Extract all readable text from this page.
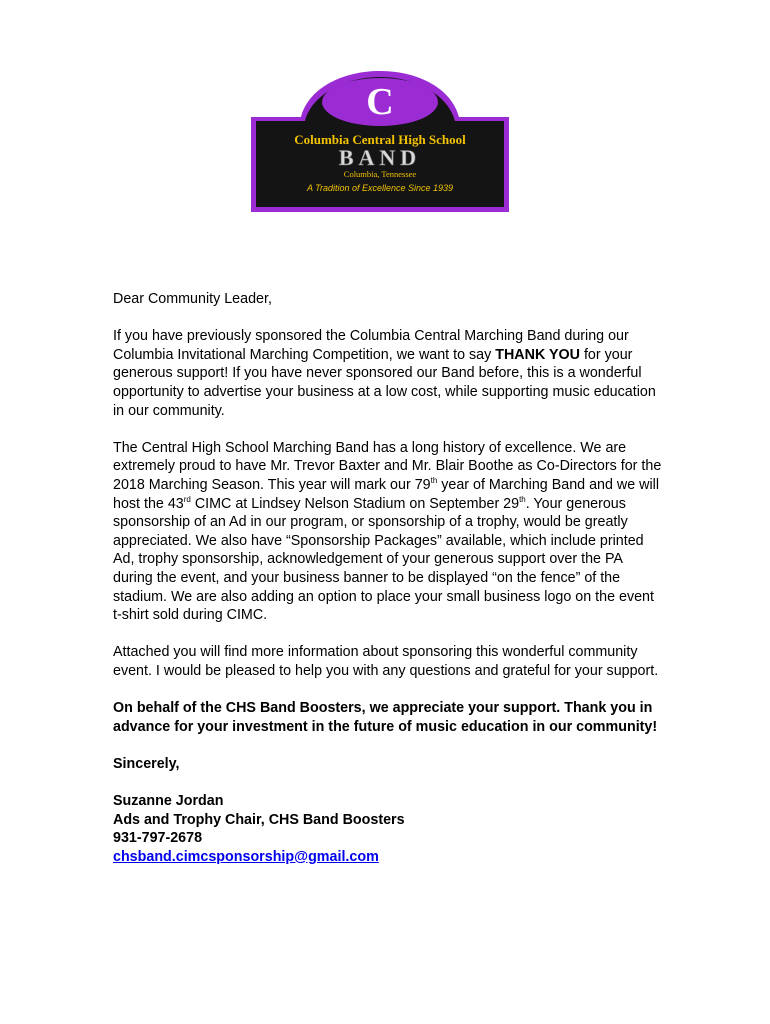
C
Columbia Central High School
BAND
Columbia, Tennessee
A Tradition of Excellence Since 1939

Dear Community Leader,

If you have previously sponsored the Columbia Central Marching Band during our Columbia Invitational Marching Competition, we want to say THANK YOU for your generous support! If you have never sponsored our Band before, this is a wonderful opportunity to advertise your business at a low cost, while supporting music education in our community.

The Central High School Marching Band has a long history of excellence. We are extremely proud to have Mr. Trevor Baxter and Mr. Blair Boothe as Co-Directors for the 2018 Marching Season. This year will mark our 79th year of Marching Band and we will host the 43rd CIMC at Lindsey Nelson Stadium on September 29th. Your generous sponsorship of an Ad in our program, or sponsorship of a trophy, would be greatly appreciated. We also have “Sponsorship Packages” available, which include printed Ad, trophy sponsorship, acknowledgement of your generous support over the PA during the event, and your business banner to be displayed “on the fence” of the stadium. We are also adding an option to place your small business logo on the event t-shirt sold during CIMC.

Attached you will find more information about sponsoring this wonderful community event. I would be pleased to help you with any questions and grateful for your support.

On behalf of the CHS Band Boosters, we appreciate your support. Thank you in advance for your investment in the future of music education in our community!

Sincerely,

Suzanne Jordan
Ads and Trophy Chair, CHS Band Boosters
931-797-2678
chsband.cimcsponsorship@gmail.com
